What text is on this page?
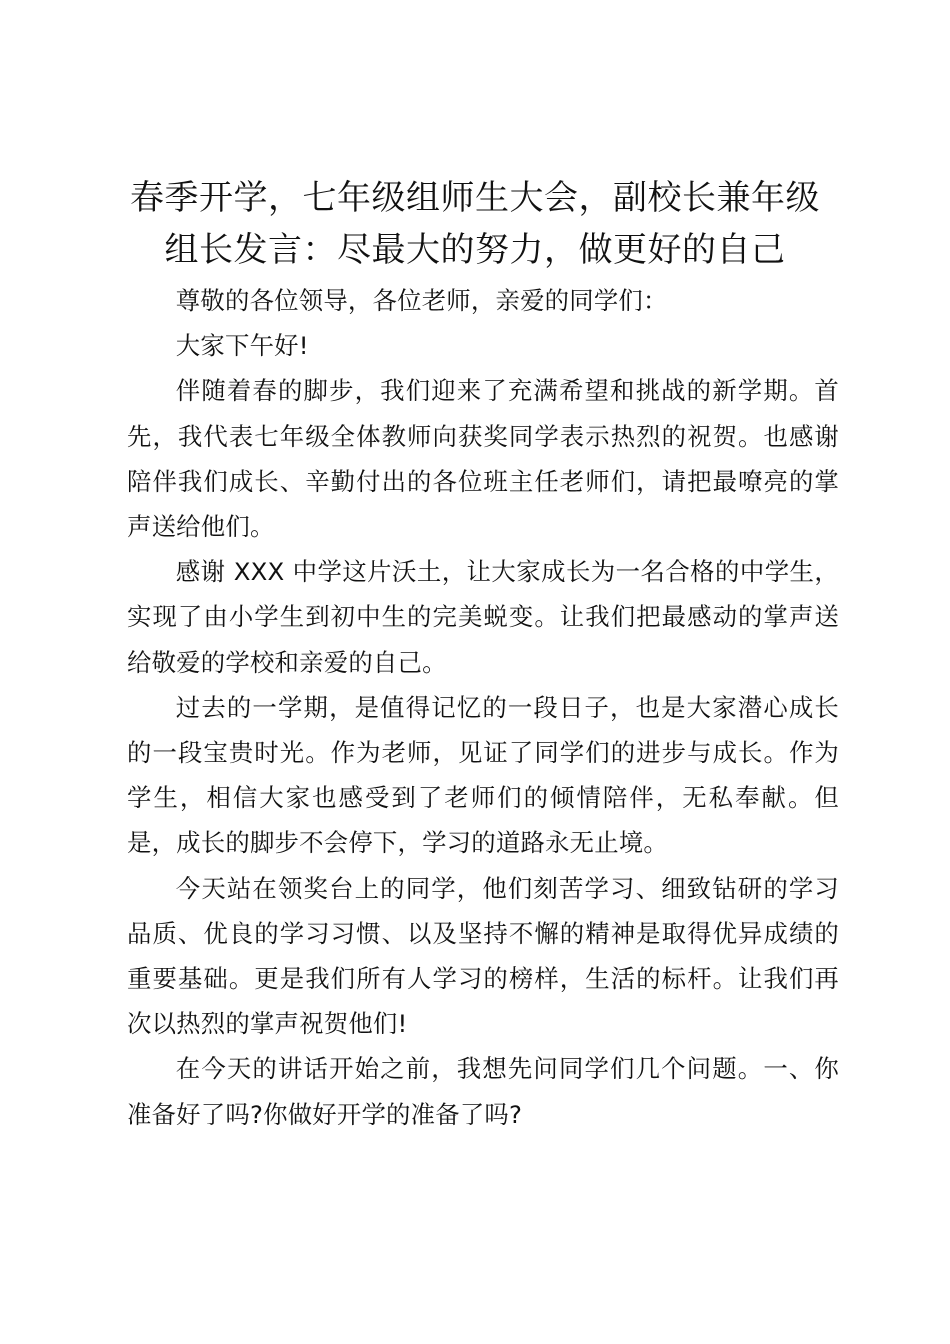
春季开学，七年级组师生大会，副校长兼年级
组长发言：尽最大的努力，做更好的自己

尊敬的各位领导，各位老师，亲爱的同学们：

大家下午好!

伴随着春的脚步，我们迎来了充满希望和挑战的新学期。首先，我代表七年级全体教师向获奖同学表示热烈的祝贺。也感谢陪伴我们成长、辛勤付出的各位班主任老师们，请把最嘹亮的掌声送给他们。

感谢 XXX 中学这片沃土，让大家成长为一名合格的中学生，实现了由小学生到初中生的完美蜕变。让我们把最感动的掌声送给敬爱的学校和亲爱的自己。

过去的一学期，是值得记忆的一段日子，也是大家潜心成长的一段宝贵时光。作为老师，见证了同学们的进步与成长。作为学生，相信大家也感受到了老师们的倾情陪伴，无私奉献。但是，成长的脚步不会停下，学习的道路永无止境。

今天站在领奖台上的同学，他们刻苦学习、细致钻研的学习品质、优良的学习习惯、以及坚持不懈的精神是取得优异成绩的重要基础。更是我们所有人学习的榜样，生活的标杆。让我们再次以热烈的掌声祝贺他们!

在今天的讲话开始之前，我想先问同学们几个问题。一、你准备好了吗?你做好开学的准备了吗?
